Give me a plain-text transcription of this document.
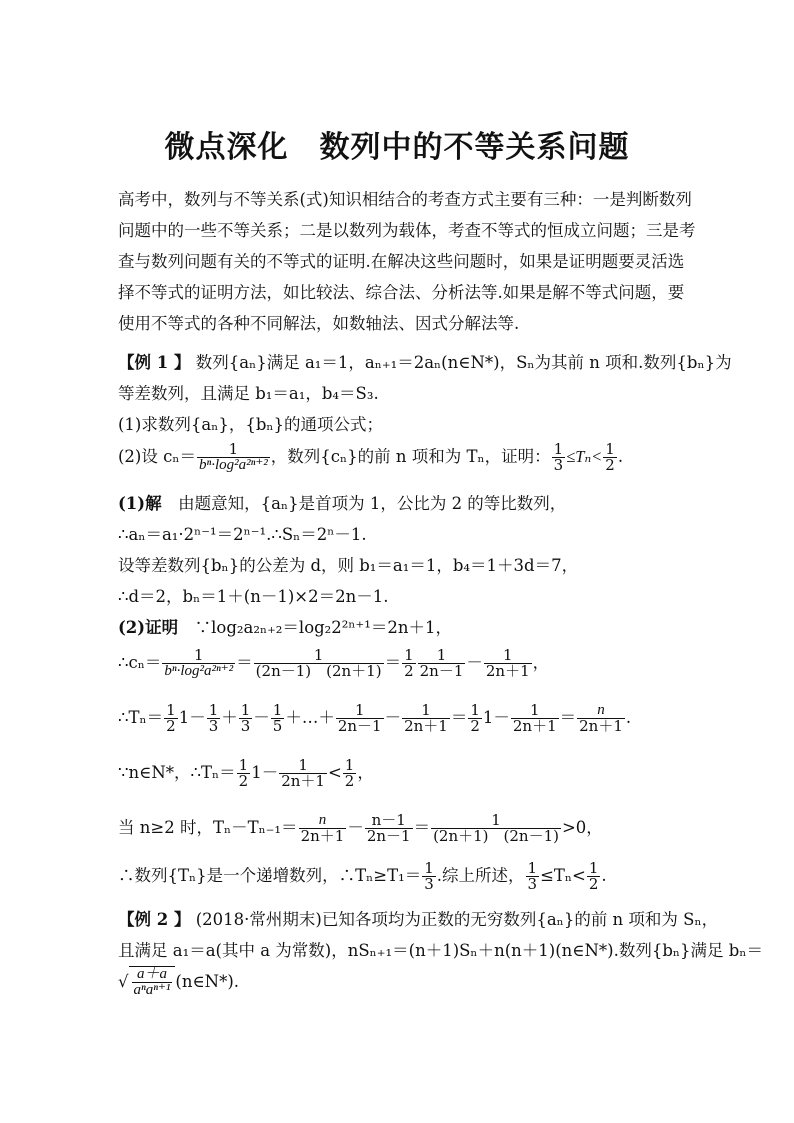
微点深化　数列中的不等关系问题
高考中，数列与不等关系(式)知识相结合的考查方式主要有三种：一是判断数列
问题中的一些不等关系；二是以数列为载体，考查不等式的恒成立问题；三是考
查与数列问题有关的不等式的证明.在解决这些问题时，如果是证明题要灵活选
择不等式的证明方法，如比较法、综合法、分析法等.如果是解不等式问题，要
使用不等式的各种不同解法，如数轴法、因式分解法等.
【例 1 】 数列{aₙ}满足 a₁＝1，aₙ₊₁＝2aₙ(n∈N*)，Sₙ为其前 n 项和.数列{bₙ}为
等差数列，且满足 b₁＝a₁，b₄＝S₃.
(1)求数列{aₙ}，{bₙ}的通项公式；
(2)设 $c_n= \frac{1}{\text{bⁿ·log²a²ⁿ⁺²}}$ ，数列{cₙ}的前 n 项和为 Tₙ，证明： $\frac{1}{3} \le T_n< \frac{1}{2}$ .
(1)解　由题意知，{aₙ}是首项为 1，公比为 2 的等比数列，
∴aₙ＝a₁·2ⁿ⁻¹＝2ⁿ⁻¹.∴Sₙ＝2ⁿ－1.
设等差数列{bₙ}的公差为 d，则 b₁＝a₁＝1，b₄＝1＋3d＝7，
∴d＝2，bₙ＝1＋(n－1)×2＝2n－1.
(2)证明　∵log₂a₂ₙ₊₂＝log₂2²ⁿ⁺¹＝2n＋1，
∴cₙ＝ $\frac{1}{\text{bⁿ·log²a²ⁿ⁺²}} = \frac{1}{(2n-1) (2n+1)} = \frac{1}{2} \frac{1}{2n-1} - \frac{1}{2n+1}$ ，
∴Tₙ＝ $\frac{1}{2} 1- \frac{1}{3} + \frac{1}{3} - \frac{1}{5}$ ＋…＋ $\frac{1}{2n-1} - \frac{1}{2n+1} = \frac{1}{2} 1- \frac{1}{2n+1} = \frac{n}{2n+1}$ .
∵n∈N*，∴Tₙ＝ $\frac{1}{2} 1- \frac{1}{2n+1} < \frac{1}{2}$ ，
当 n≥2 时，$T_n-T_{n-1}= \frac{n}{2n+1} - \frac{n-1}{2n-1} = \frac{1}{(2n+1) (2n-1)} >0$，
∴数列{Tₙ}是一个递增数列，∴Tₙ≥T₁＝ $\frac{1}{3}$ .综上所述， $\frac{1}{3} \le T_n< \frac{1}{2}$ .
【例 2 】 (2018·常州期末)已知各项均为正数的无穷数列{aₙ}的前 n 项和为 Sₙ，
且满足 a₁＝a(其中 a 为常数)，nSₙ₊₁＝(n＋1)Sₙ＋n(n＋1)(n∈N*).数列{bₙ}满足 bₙ＝
√ $\frac{a+a}{\text{aⁿaⁿ⁺¹}}$ (n∈N*).
